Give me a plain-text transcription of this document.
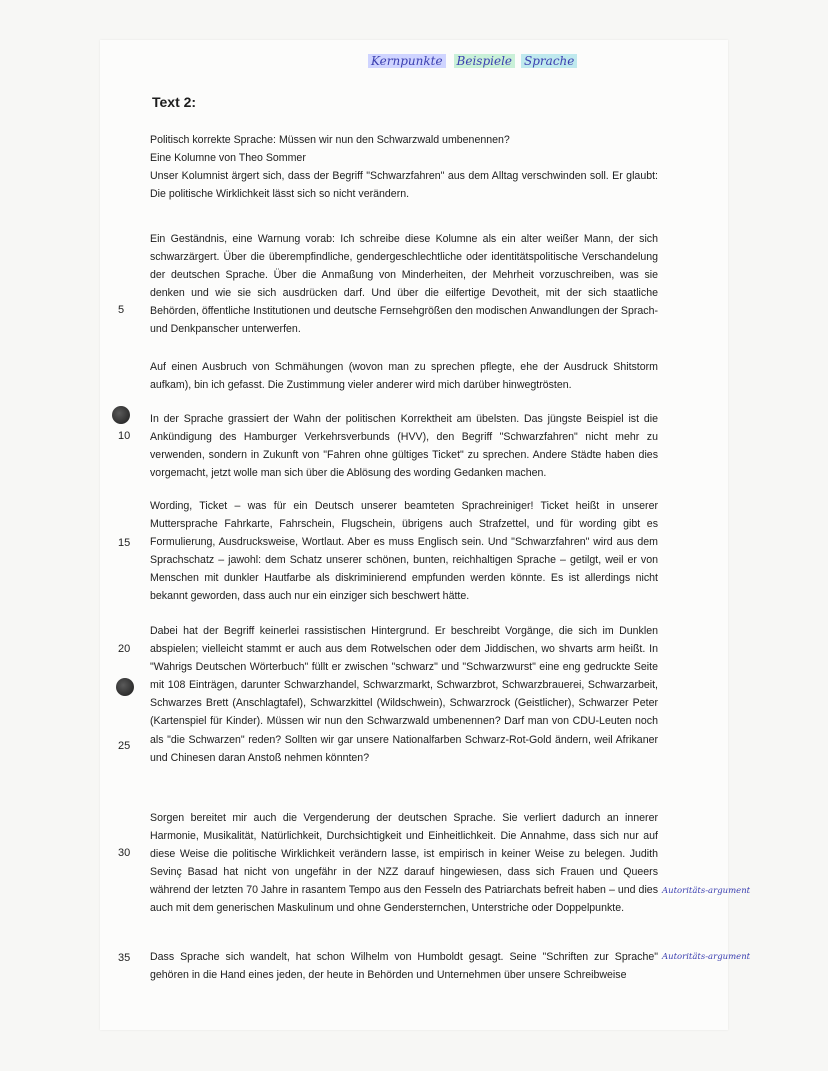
Kernpunkte Beispiele Sprache
Text 2:
Politisch korrekte Sprache: Müssen wir nun den Schwarzwald umbenennen?
Eine Kolumne von Theo Sommer
Unser Kolumnist ärgert sich, dass der Begriff "Schwarzfahren" aus dem Alltag verschwinden soll. Er glaubt: Die politische Wirklichkeit lässt sich so nicht verändern.
Ein Geständnis, eine Warnung vorab: Ich schreibe diese Kolumne als ein alter weißer Mann, der sich schwarzärgert. Über die überempfindliche, gendergeschlechtliche oder identitätspolitische Verschandelung der deutschen Sprache. Über die Anmaßung von Minderheiten, der Mehrheit vorzuschreiben, was sie denken und wie sie sich ausdrücken darf. Und über die eilfertige Devotheit, mit der sich staatliche Behörden, öffentliche Institutionen und deutsche Fernsehgrößen den modischen Anwandlungen der Sprach- und Denkpanscher unterwerfen.
Auf einen Ausbruch von Schmähungen (wovon man zu sprechen pflegte, ehe der Ausdruck Shitstorm aufkam), bin ich gefasst. Die Zustimmung vieler anderer wird mich darüber hinwegtrösten.
In der Sprache grassiert der Wahn der politischen Korrektheit am übelsten. Das jüngste Beispiel ist die Ankündigung des Hamburger Verkehrsverbunds (HVV), den Begriff "Schwarzfahren" nicht mehr zu verwenden, sondern in Zukunft von "Fahren ohne gültiges Ticket" zu sprechen. Andere Städte haben dies vorgemacht, jetzt wolle man sich über die Ablösung des wording Gedanken machen.
Wording, Ticket – was für ein Deutsch unserer beamteten Sprachreiniger! Ticket heißt in unserer Muttersprache Fahrkarte, Fahrschein, Flugschein, übrigens auch Strafzettel, und für wording gibt es Formulierung, Ausdrucksweise, Wortlaut. Aber es muss Englisch sein. Und "Schwarzfahren" wird aus dem Sprachschatz – jawohl: dem Schatz unserer schönen, bunten, reichhaltigen Sprache – getilgt, weil er von Menschen mit dunkler Hautfarbe als diskriminierend empfunden werden könnte. Es ist allerdings nicht bekannt geworden, dass auch nur ein einziger sich beschwert hätte.
Dabei hat der Begriff keinerlei rassistischen Hintergrund. Er beschreibt Vorgänge, die sich im Dunklen abspielen; vielleicht stammt er auch aus dem Rotwelschen oder dem Jiddischen, wo shvarts arm heißt. In "Wahrigs Deutschen Wörterbuch" füllt er zwischen "schwarz" und "Schwarzwurst" eine eng gedruckte Seite mit 108 Einträgen, darunter Schwarzhandel, Schwarzmarkt, Schwarzbrot, Schwarzbrauerei, Schwarzarbeit, Schwarzes Brett (Anschlagtafel), Schwarzkittel (Wildschwein), Schwarzrock (Geistlicher), Schwarzer Peter (Kartenspiel für Kinder). Müssen wir nun den Schwarzwald umbenennen? Darf man von CDU-Leuten noch als "die Schwarzen" reden? Sollten wir gar unsere Nationalfarben Schwarz-Rot-Gold ändern, weil Afrikaner und Chinesen daran Anstoß nehmen könnten?
Sorgen bereitet mir auch die Vergenderung der deutschen Sprache. Sie verliert dadurch an innerer Harmonie, Musikalität, Natürlichkeit, Durchsichtigkeit und Einheitlichkeit. Die Annahme, dass sich nur auf diese Weise die politische Wirklichkeit verändern lasse, ist empirisch in keiner Weise zu belegen. Judith Sevinç Basad hat nicht von ungefähr in der NZZ darauf hingewiesen, dass sich Frauen und Queers während der letzten 70 Jahre in rasantem Tempo aus den Fesseln des Patriarchats befreit haben – und dies auch mit dem generischen Maskulinum und ohne Gendersternchen, Unterstriche oder Doppelpunkte.
Dass Sprache sich wandelt, hat schon Wilhelm von Humboldt gesagt. Seine "Schriften zur Sprache" gehören in die Hand eines jeden, der heute in Behörden und Unternehmen über unsere Schreibweise
5
10
15
20
25
30
35
Autoritäts-argument
Autoritäts-argument
